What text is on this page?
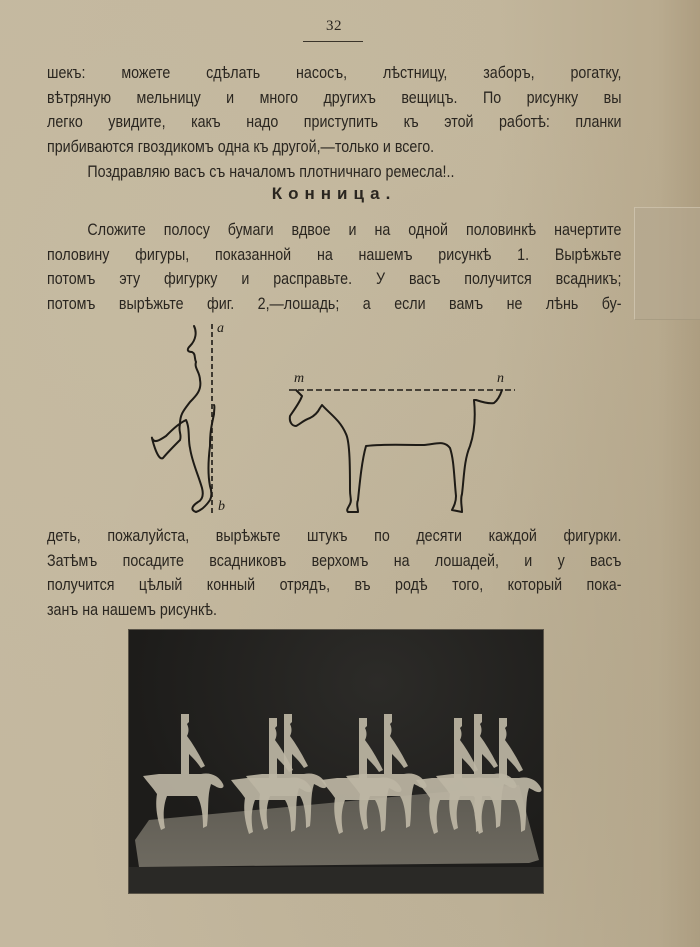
32
шекъ: можете сдѣлать насосъ, лѣстницу, заборъ, рогатку,
вѣтряную мельницу и много другихъ вещицъ. По рисунку вы
легко увидите, какъ надо приступить къ этой работѣ: планки
прибиваются гвоздикомъ одна къ другой,—только и всего.
Поздравляю васъ съ началомъ плотничнаго ремесла!..
Конница.
Сложите полосу бумаги вдвое и на одной половинкѣ начертите
половину фигуры, показанной на нашемъ рисункѣ 1. Вырѣжьте
потомъ эту фигурку и расправьте. У васъ получится всадникъ;
потомъ вырѣжьте фиг. 2,—лошадь; а если вамъ не лѣнь бу-
a
b
m	n
деть, пожалуйста, вырѣжьте штукъ по десяти каждой фигурки.
Затѣмъ посадите всадниковъ верхомъ на лошадей, и у васъ
получится цѣлый конный отрядъ, въ родѣ того, который пока-
занъ на нашемъ рисункѣ.
